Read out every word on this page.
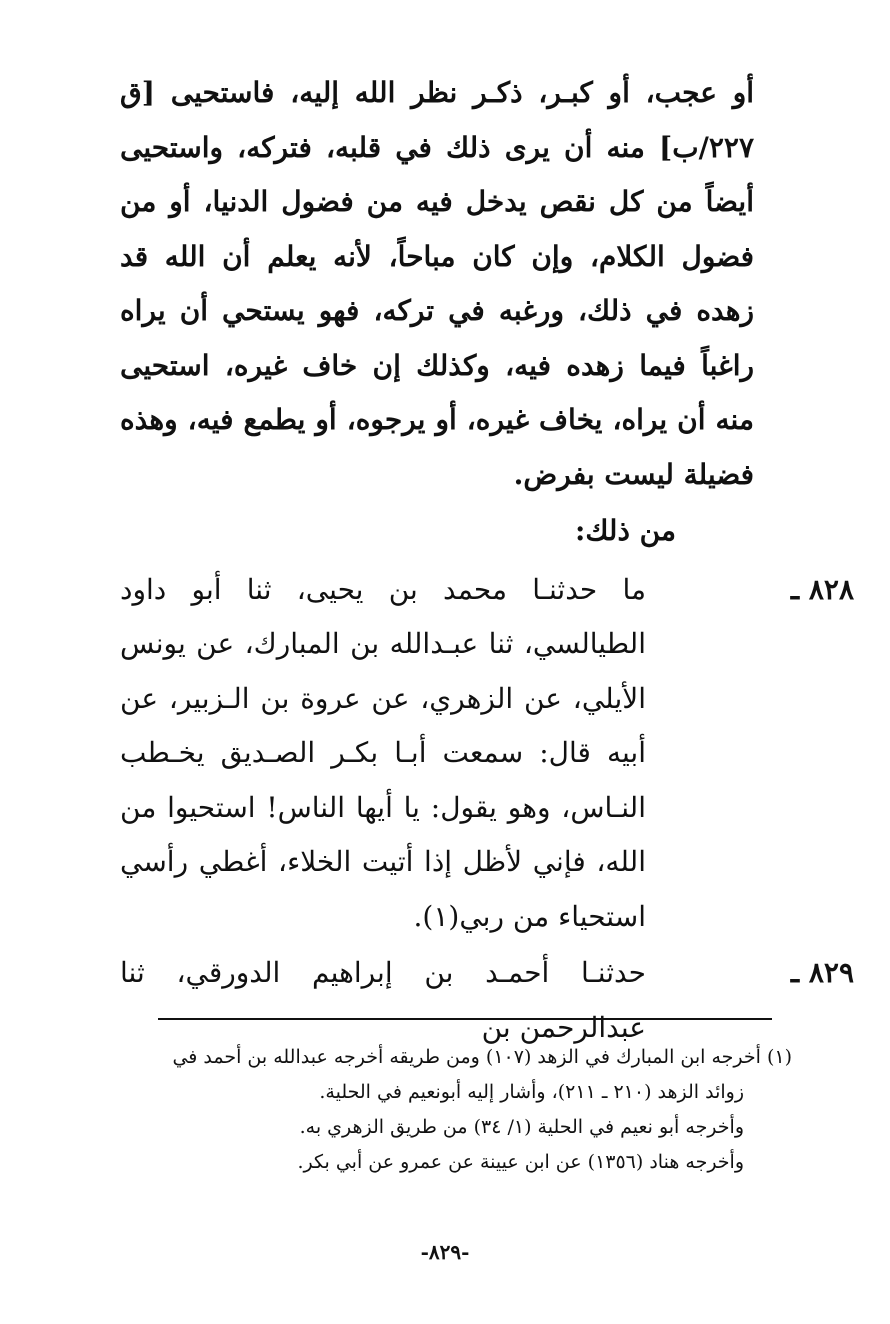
أو عجب، أو كبـر، ذكـر نظر الله إليه، فاستحيى [ق ٢٢٧/ب] منه أن يرى ذلك في قلبه، فتركه، واستحيى أيضاً من كل نقص يدخل فيه من فضول الدنيا، أو من فضول الكلام، وإن كان مباحاً، لأنه يعلم أن الله قد زهده في ذلك، ورغبه في تركه، فهو يستحي أن يراه راغباً فيما زهده فيه، وكذلك إن خاف غيره، استحيى منه أن يراه، يخاف غيره، أو يرجوه، أو يطمع فيه، وهذه فضيلة ليست بفرض.

من ذلك:

٨٢٨ ـ

ما حدثنـا محمد بن يحيى، ثنا أبو داود الطيالسي، ثنا عبـدالله بن المبارك، عن يونس الأيلي، عن الزهري، عن عروة بن الـزبير، عن أبيه قال: سمعت أبـا بكـر الصـديق يخـطب النـاس، وهو يقول: يا أيها الناس! استحيوا من الله، فإني لأظل إذا أتيت الخلاء، أغطي رأسي استحياء من ربي(١).

٨٢٩ ـ

حدثنـا أحمـد بن إبراهيم الدورقي، ثنا عبدالرحمن بن

(١) أخرجه ابن المبارك في الزهد (١٠٧) ومن طريقه أخرجه عبدالله بن أحمد في

زوائد الزهد (٢١٠ ـ ٢١١)، وأشار إليه أبونعيم في الحلية.

وأخرجه أبو نعيم في الحلية (١/ ٣٤) من طريق الزهري به.

وأخرجه هناد (١٣٥٦) عن ابن عيينة عن عمرو عن أبي بكر.

-٨٢٩-
